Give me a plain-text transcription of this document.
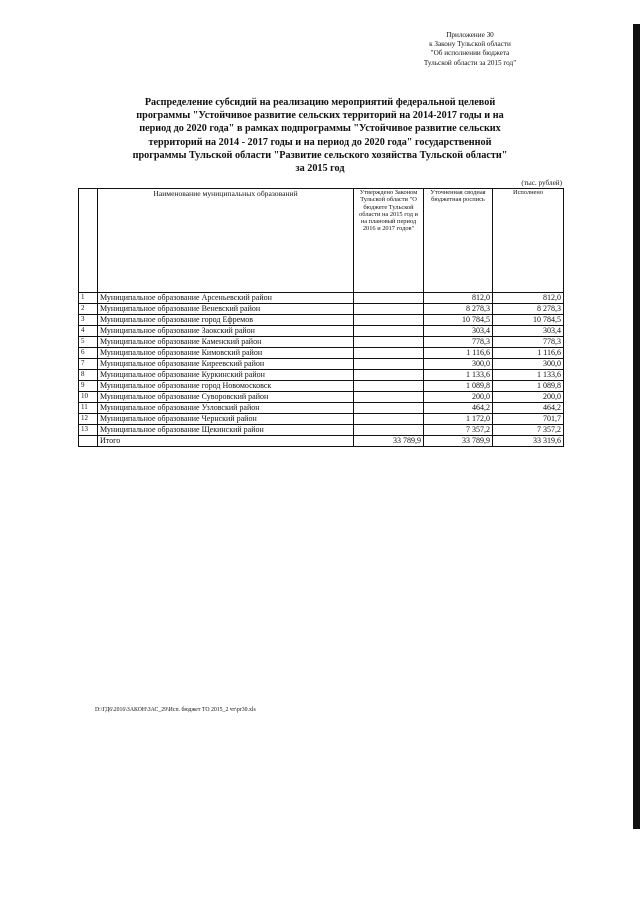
Приложение 30
к Закону Тульской области
"Об исполнении бюджета
Тульской области за 2015 год"
Распределение субсидий на реализацию мероприятий федеральной целевой
программы "Устойчивое развитие сельских территорий на 2014-2017 годы и на
период до 2020 года" в рамках подпрограммы "Устойчивое развитие сельских
территорий на 2014 - 2017 годы и на период до 2020 года" государственной
программы Тульской области "Развитие сельского хозяйства Тульской области"
за 2015 год
(тыс. рублей)
	Наименование муниципальных образований	Утверждено Законом Тульской области "О бюджете Тульской области на 2015 год и на плановый период 2016 и 2017 годов"	Уточненная сводная бюджетная роспись	Исполнено
1	Муниципальное образование Арсеньевский район		812,0	812,0
2	Муниципальное образование Веневский район		8 278,3	8 278,3
3	Муниципальное образование город Ефремов		10 784,5	10 784,5
4	Муниципальное образование Заокский район		303,4	303,4
5	Муниципальное образование Каменский район		778,3	778,3
6	Муниципальное образование Кимовский район		1 116,6	1 116,6
7	Муниципальное образование Киреевский район		300,0	300,0
8	Муниципальное образование Куркинский район		1 133,6	1 133,6
9	Муниципальное образование город Новомосковск		1 089,8	1 089,8
10	Муниципальное образование Суворовский район		200,0	200,0
11	Муниципальное образование Узловский район		464,2	464,2
12	Муниципальное образование Чернский район		1 172,0	701,7
13	Муниципальное образование Щекинский район		7 357,2	7 357,2
	Итого	33 789,9	33 789,9	33 319,6
D:\ГД6\2016\ЗАКОН\ЗАС_29\Исп. бюджет ТО 2015_2 чт\pr30.xls
